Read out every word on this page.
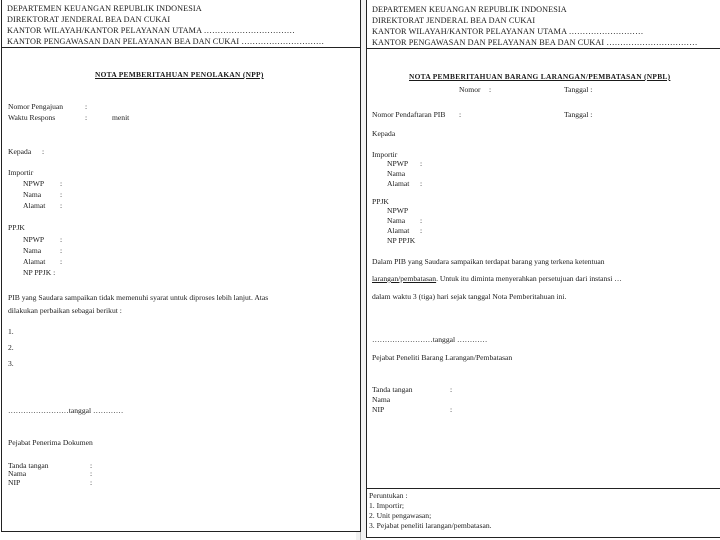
DEPARTEMEN KEUANGAN REPUBLIK INDONESIA
DIREKTORAT JENDERAL BEA DAN CUKAI
KANTOR WILAYAH/KANTOR PELAYANAN UTAMA ……………………………
KANTOR PENGAWASAN DAN PELAYANAN BEA DAN CUKAI …………………………
NOTA PEMBERITAHUAN PENOLAKAN (NPP)
Nomor Pengajuan	:
Waktu Respons	:	menit
Kepada :
Importir
NPWP :
Nama :
Alamat :
PPJK
NPWP :
Nama :
Alamat :
NP PPJK :
PIB yang Saudara sampaikan tidak memenuhi syarat untuk diproses lebih lanjut. Atas
dilakukan perbaikan sebagai berikut :
1.
2.
3.
……………………tanggal …………
Pejabat Penerima Dokumen
Tanda tangan	:
Nama	:
NIP	:
DEPARTEMEN KEUANGAN REPUBLIK INDONESIA
DIREKTORAT JENDERAL BEA DAN CUKAI
KANTOR WILAYAH/KANTOR PELAYANAN UTAMA ………………………
KANTOR PENGAWASAN DAN PELAYANAN BEA DAN CUKAI ……………………………
NOTA PEMBERITAHUAN BARANG LARANGAN/PEMBATASAN (NPBL)
Nomor :	Tanggal :
Nomor Pendaftaran PIB :	Tanggal :
Kepada
Importir
NPWP :
Nama
Alamat :
PPJK
NPWP
Nama :
Alamat :
NP PPJK
Dalam PIB yang Saudara sampaikan terdapat barang yang terkena ketentuan
larangan/pembatasan. Untuk itu diminta menyerahkan persetujuan dari instansi …
dalam waktu 3 (tiga) hari sejak tanggal Nota Pemberitahuan ini.
……………………tanggal …………
Pejabat Peneliti Barang Larangan/Pembatasan
Tanda tangan	:
Nama
NIP	:
Peruntukan :
1. Importir;
2. Unit pengawasan;
3. Pejabat peneliti larangan/pembatasan.
